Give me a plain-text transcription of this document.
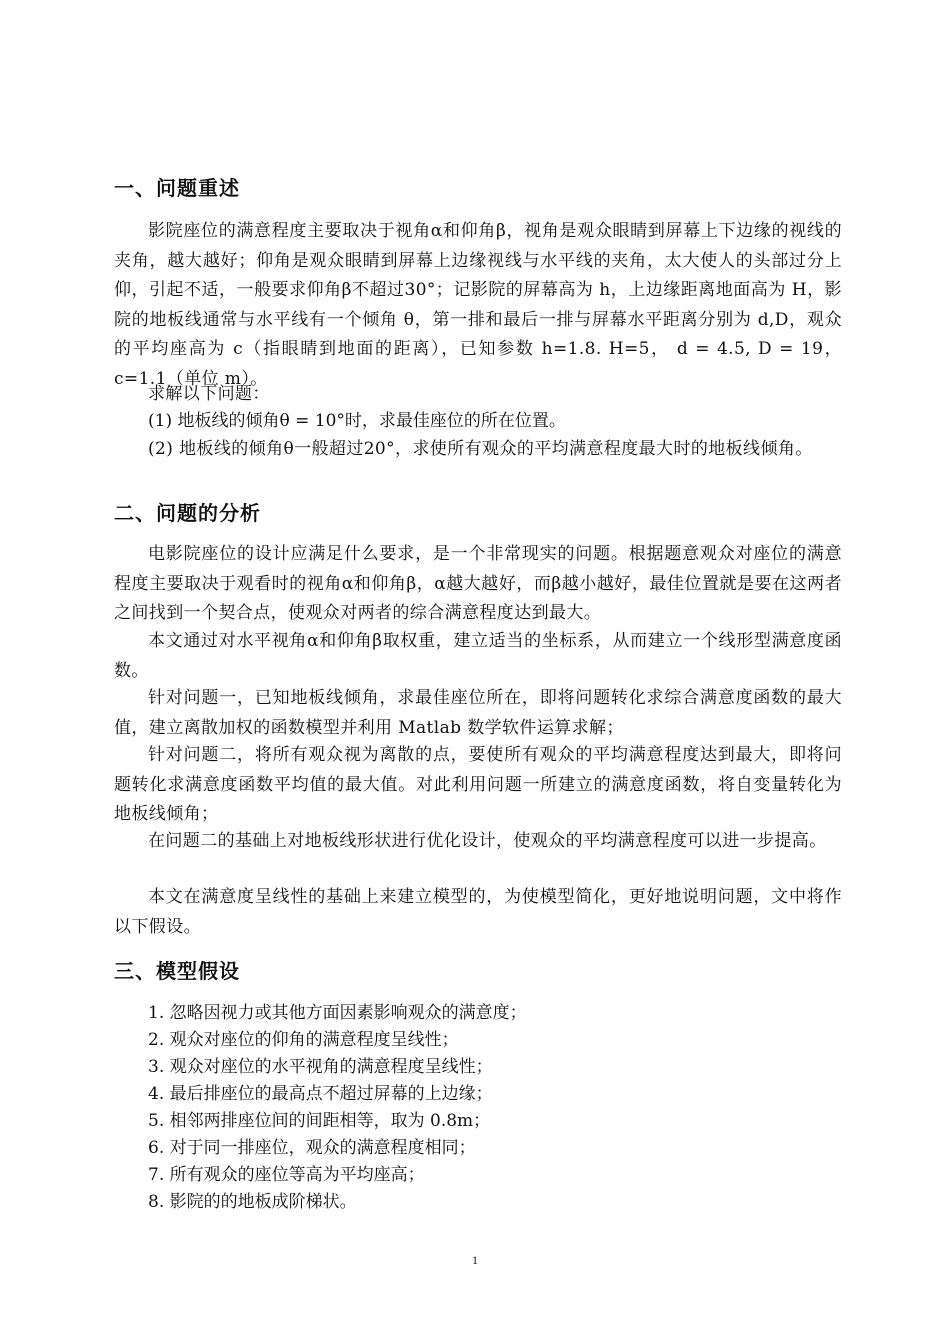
一、问题重述

影院座位的满意程度主要取决于视角α和仰角β，视角是观众眼睛到屏幕上下边缘的视线的夹角，越大越好；仰角是观众眼睛到屏幕上边缘视线与水平线的夹角，太大使人的头部过分上仰，引起不适，一般要求仰角β不超过30°；记影院的屏幕高为 h，上边缘距离地面高为 H，影院的地板线通常与水平线有一个倾角 θ，第一排和最后一排与屏幕水平距离分别为 d,D，观众的平均座高为 c（指眼睛到地面的距离），已知参数 h=1.8. H=5， d = 4.5, D = 19， c=1.1（单位 m）。

求解以下问题：

(1) 地板线的倾角θ = 10°时，求最佳座位的所在位置。

(2) 地板线的倾角θ一般超过20°，求使所有观众的平均满意程度最大时的地板线倾角。

二、问题的分析

电影院座位的设计应满足什么要求，是一个非常现实的问题。根据题意观众对座位的满意程度主要取决于观看时的视角α和仰角β，α越大越好，而β越小越好，最佳位置就是要在这两者之间找到一个契合点，使观众对两者的综合满意程度达到最大。

本文通过对水平视角α和仰角β取权重，建立适当的坐标系，从而建立一个线形型满意度函数。

针对问题一，已知地板线倾角，求最佳座位所在，即将问题转化求综合满意度函数的最大值，建立离散加权的函数模型并利用 Matlab 数学软件运算求解；

针对问题二，将所有观众视为离散的点，要使所有观众的平均满意程度达到最大，即将问题转化求满意度函数平均值的最大值。对此利用问题一所建立的满意度函数，将自变量转化为地板线倾角；

在问题二的基础上对地板线形状进行优化设计，使观众的平均满意程度可以进一步提高。

本文在满意度呈线性的基础上来建立模型的，为使模型简化，更好地说明问题，文中将作以下假设。

三、模型假设
1. 忽略因视力或其他方面因素影响观众的满意度；
2. 观众对座位的仰角的满意程度呈线性；
3. 观众对座位的水平视角的满意程度呈线性；
4. 最后排座位的最高点不超过屏幕的上边缘；
5. 相邻两排座位间的间距相等，取为 0.8m；
6. 对于同一排座位，观众的满意程度相同；
7. 所有观众的座位等高为平均座高；
8. 影院的的地板成阶梯状。
1
